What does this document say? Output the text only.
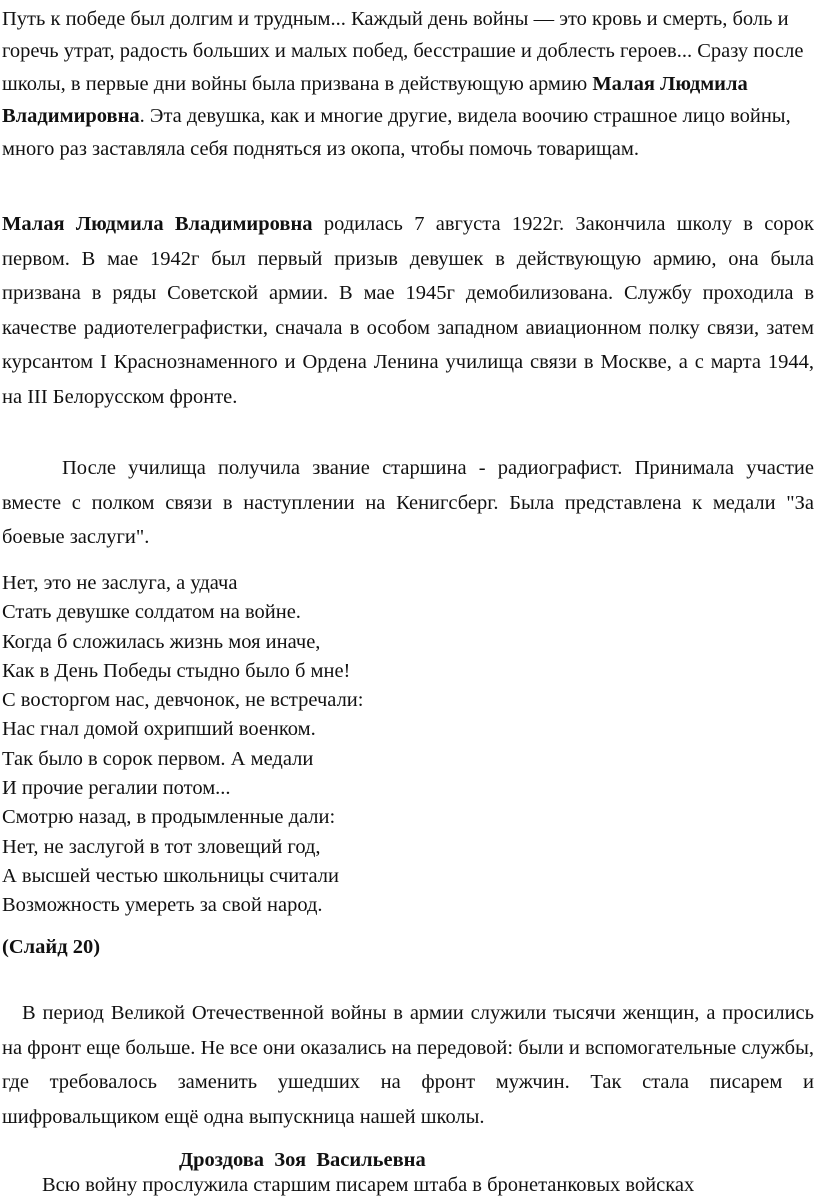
Путь к победе был долгим и трудным... Каждый день войны — это кровь и смерть, боль и горечь утрат, радость больших и малых побед, бесстрашие и доблесть героев... Сразу после школы, в первые дни войны была призвана в действующую армию Малая Людмила Владимировна. Эта девушка, как и многие другие, видела воочию страшное лицо войны, много раз заставляла себя подняться из окопа, чтобы помочь товарищам.
Малая Людмила Владимировна родилась 7 августа 1922г. Закончила школу в сорок первом. В мае 1942г был первый призыв девушек в действующую армию, она была призвана в ряды Советской армии. В мае 1945г демобилизована. Службу проходила в качестве радиотелеграфистки, сначала в особом западном авиационном полку связи, затем курсантом I Краснознаменного и Ордена Ленина училища связи в Москве, а с марта 1944, на III Белорусском фронте.
После училища получила звание старшина - радиографист. Принимала участие вместе с полком связи в наступлении на Кенигсберг. Была представлена к медали "За боевые заслуги".
Нет, это не заслуга, а удача
Стать девушке солдатом на войне.
Когда б сложилась жизнь моя иначе,
Как в День Победы стыдно было б мне!
С восторгом нас, девчонок, не встречали:
Нас гнал домой охрипший военком.
Так было в сорок первом. А медали
И прочие регалии потом...
Смотрю назад, в продымленные дали:
Нет, не заслугой в тот зловещий год,
А высшей честью школьницы считали
Возможность умереть за свой народ.
(Слайд 20)
В период Великой Отечественной войны в армии служили тысячи женщин, а просились на фронт еще больше. Не все они оказались на передовой: были и вспомогательные службы, где требовалось заменить ушедших на фронт мужчин. Так стала писарем и шифровальщиком ещё одна выпускница нашей школы.
Дроздова  Зоя  Васильевна
Всю войну прослужила старшим писарем штаба в бронетанковых войсках
